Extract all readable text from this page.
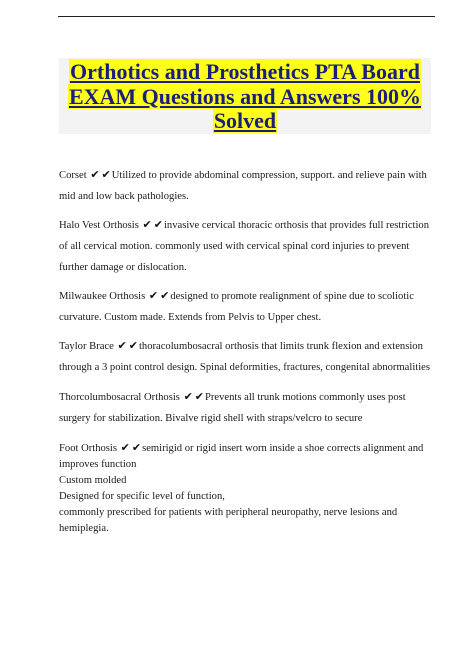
Orthotics and Prosthetics PTA Board
EXAM Questions and Answers 100%
Solved

Corset ✔ ✔Utilized to provide abdominal compression, support. and relieve pain with mid and low back pathologies.

Halo Vest Orthosis ✔ ✔invasive cervical thoracic orthosis that provides full restriction of all cervical motion. commonly used with cervical spinal cord injuries to prevent further damage or dislocation.

Milwaukee Orthosis ✔ ✔designed to promote realignment of spine due to scoliotic curvature. Custom made. Extends from Pelvis to Upper chest.

Taylor Brace ✔ ✔thoracolumbosacral orthosis that limits trunk flexion and extension through a 3 point control design. Spinal deformities, fractures, congenital abnormalities

Thorcolumbosacral Orthosis ✔ ✔Prevents all trunk motions commonly uses post surgery for stabilization. Bivalve rigid shell with straps/velcro to secure

Foot Orthosis ✔ ✔semirigid or rigid insert worn inside a shoe corrects alignment and improves function
Custom molded
Designed for specific level of function,
commonly prescribed for patients with peripheral neuropathy, nerve lesions and hemiplegia.
